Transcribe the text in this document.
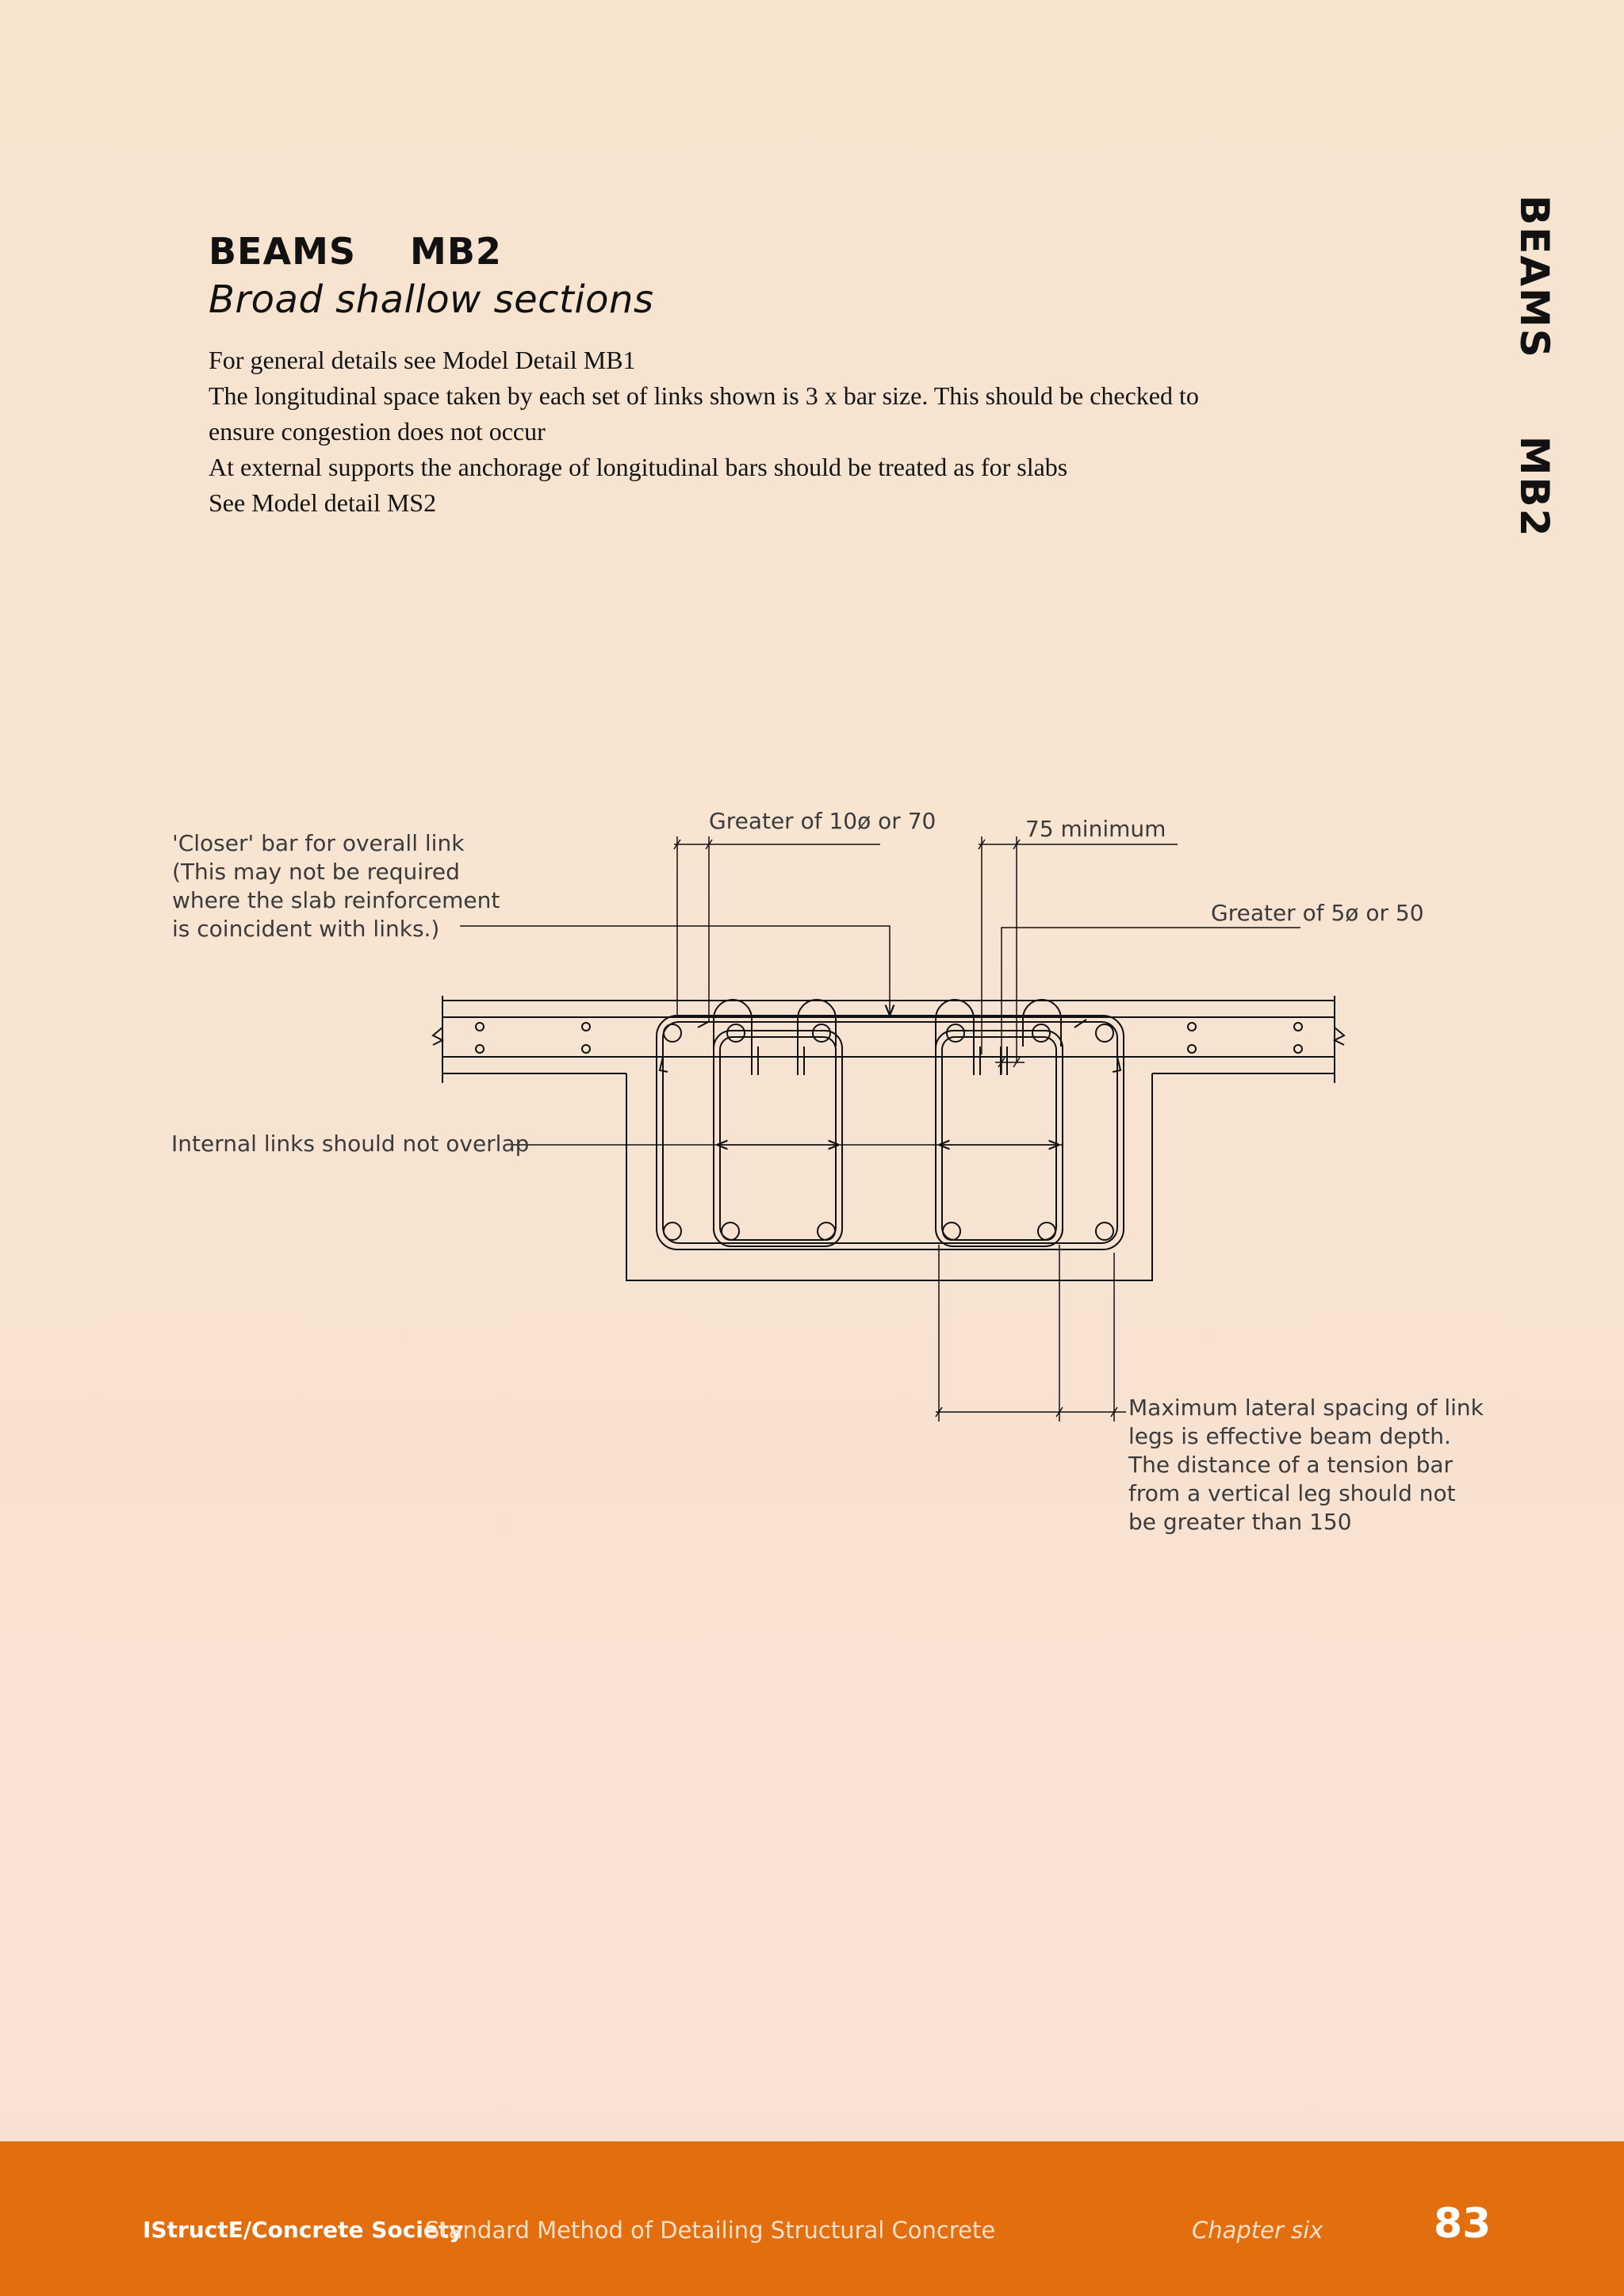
BEAMS    MB2
Broad shallow sections
For general details see Model Detail MB1
The longitudinal space taken by each set of links shown is 3 x bar size. This should be checked to
ensure congestion does not occur
At external supports the anchorage of longitudinal bars should be treated as for slabs
See Model detail MS2	BEAMS     MB2
'Closer' bar for overall link
(This may not be required
where the slab reinforcement
is coincident with links.)
Greater of 10ø or 70	75 minimum
Greater of 5ø or 50
Internal links should not overlap
Maximum lateral spacing of link
legs is effective beam depth.
The distance of a tension bar
from a vertical leg should not
be greater than 150
IStructE/Concrete Society
Standard Method of Detailing Structural Concrete	Chapter six	83
